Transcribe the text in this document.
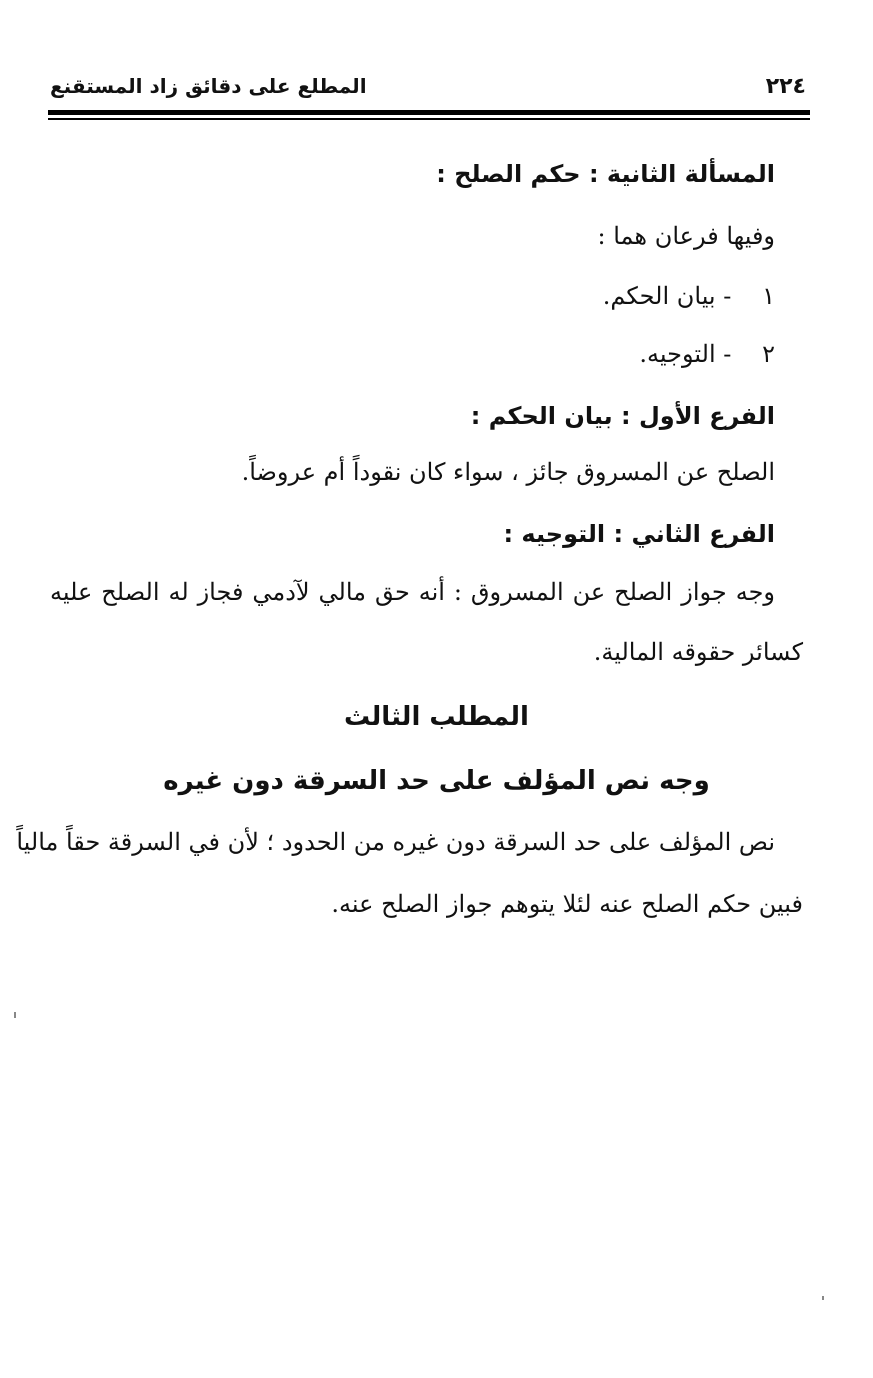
٢٢٤
المطلع على دقائق زاد المستقنع
المسألة الثانية : حكم الصلح :
وفيها فرعان هما :
١ - بيان الحكم.
٢ - التوجيه.
الفرع الأول : بيان الحكم :
الصلح عن المسروق جائز ، سواء كان نقوداً أم عروضاً.
الفرع الثاني : التوجيه :
وجه جواز الصلح عن المسروق : أنه حق مالي لآدمي فجاز له الصلح عليه
كسائر حقوقه المالية.
المطلب الثالث
وجه نص المؤلف على حد السرقة دون غيره
نص المؤلف على حد السرقة دون غيره من الحدود ؛ لأن في السرقة حقاً مالياً
فبين حكم الصلح عنه لئلا يتوهم جواز الصلح عنه.
